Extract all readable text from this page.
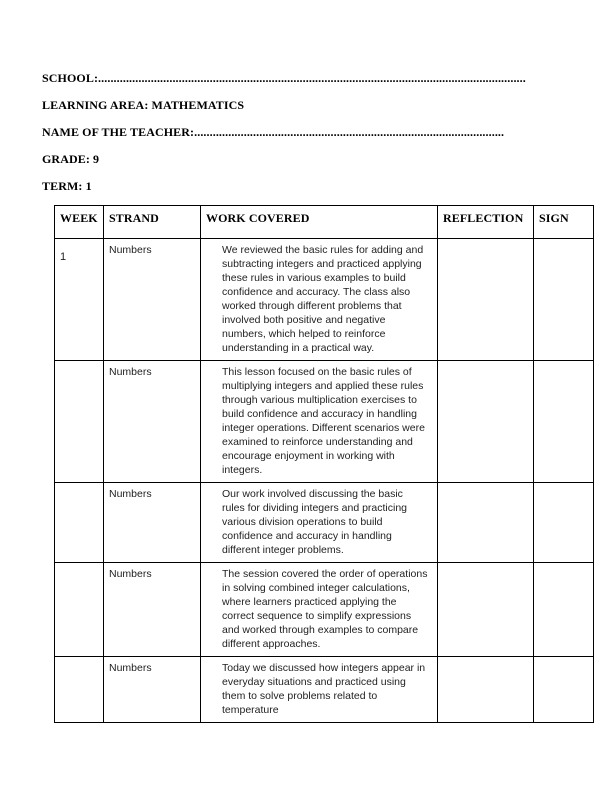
SCHOOL:..........................................................................................................................................

LEARNING AREA: MATHEMATICS

NAME OF THE TEACHER:....................................................................................................

GRADE: 9

TERM: 1

WEEK	STRAND	WORK COVERED	REFLECTION	SIGN
1	Numbers	We reviewed the basic rules for adding and subtracting integers and practiced applying these rules in various examples to build confidence and accuracy. The class also worked through different problems that involved both positive and negative numbers, which helped to reinforce understanding in a practical way.		
	Numbers	This lesson focused on the basic rules of multiplying integers and applied these rules through various multiplication exercises to build confidence and accuracy in handling integer operations. Different scenarios were examined to reinforce understanding and encourage enjoyment in working with integers.		
	Numbers	Our work involved discussing the basic rules for dividing integers and practicing various division operations to build confidence and accuracy in handling different integer problems.		
	Numbers	The session covered the order of operations in solving combined integer calculations, where learners practiced applying the correct sequence to simplify expressions and worked through examples to compare different approaches.		
	Numbers	Today we discussed how integers appear in everyday situations and practiced using them to solve problems related to temperature		
